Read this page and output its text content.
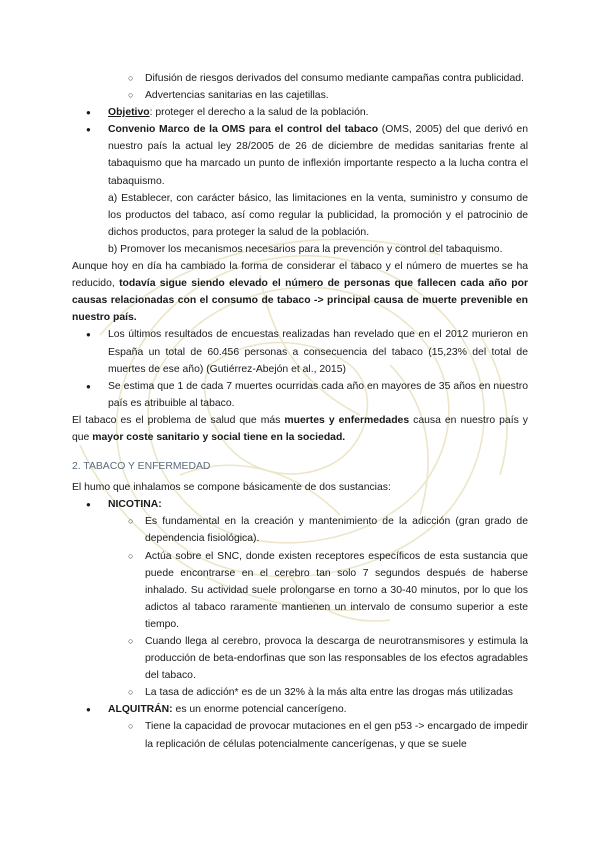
○ Difusión de riesgos derivados del consumo mediante campañas contra publicidad.

○ Advertencias sanitarias en las cajetillas.

● Objetivo: proteger el derecho a la salud de la población.

● Convenio Marco de la OMS para el control del tabaco (OMS, 2005) del que derivó en nuestro país la actual ley 28/2005 de 26 de diciembre de medidas sanitarias frente al tabaquismo que ha marcado un punto de inflexión importante respecto a la lucha contra el tabaquismo.

a) Establecer, con carácter básico, las limitaciones en la venta, suministro y consumo de los productos del tabaco, así como regular la publicidad, la promoción y el patrocinio de dichos productos, para proteger la salud de la población.

b) Promover los mecanismos necesarios para la prevención y control del tabaquismo.

Aunque hoy en día ha cambiado la forma de considerar el tabaco y el número de muertes se ha reducido, todavía sigue siendo elevado el número de personas que fallecen cada año por causas relacionadas con el consumo de tabaco -> principal causa de muerte prevenible en nuestro país.

● Los últimos resultados de encuestas realizadas han revelado que en el 2012 murieron en España un total de 60.456 personas a consecuencia del tabaco (15,23% del total de muertes de ese año) (Gutiérrez-Abejón et al., 2015)

● Se estima que 1 de cada 7 muertes ocurridas cada año en mayores de 35 años en nuestro país es atribuible al tabaco.

El tabaco es el problema de salud que más muertes y enfermedades causa en nuestro país y que mayor coste sanitario y social tiene en la sociedad.

2. TABACO Y ENFERMEDAD

El humo que inhalamos se compone básicamente de dos sustancias:

● NICOTINA:

○ Es fundamental en la creación y mantenimiento de la adicción (gran grado de dependencia fisiológica).

○ Actúa sobre el SNC, donde existen receptores específicos de esta sustancia que puede encontrarse en el cerebro tan solo 7 segundos después de haberse inhalado. Su actividad suele prolongarse en torno a 30-40 minutos, por lo que los adictos al tabaco raramente mantienen un intervalo de consumo superior a este tiempo.

○ Cuando llega al cerebro, provoca la descarga de neurotransmisores y estimula la producción de beta-endorfinas que son las responsables de los efectos agradables del tabaco.

○ La tasa de adicción* es de un 32% à la más alta entre las drogas más utilizadas

● ALQUITRÁN: es un enorme potencial cancerígeno.

○ Tiene la capacidad de provocar mutaciones en el gen p53 -> encargado de impedir la replicación de células potencialmente cancerígenas, y que se suele
